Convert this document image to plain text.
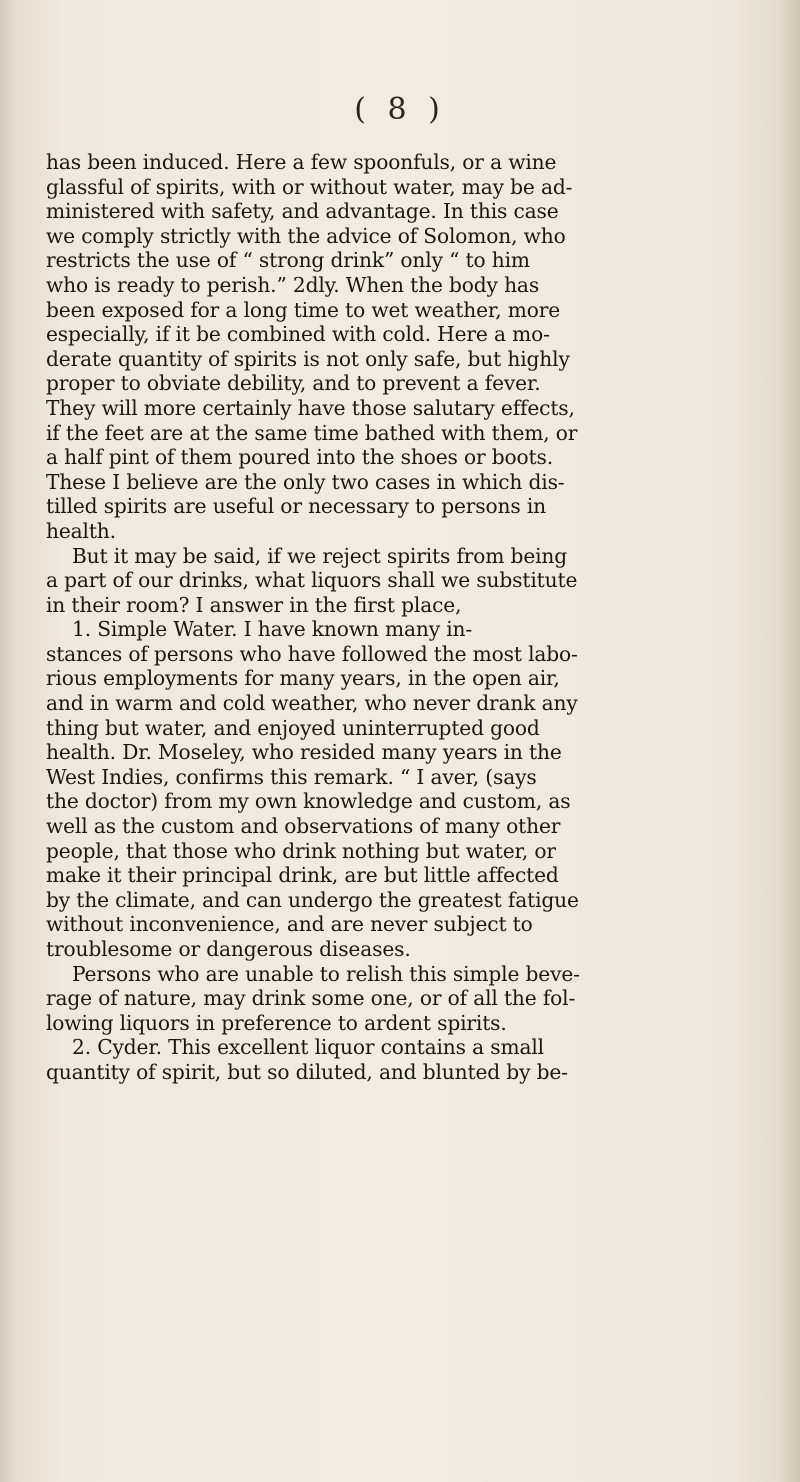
( 8 )
has been induced. Here a few spoonfuls, or a wine
glassful of spirits, with or without water, may be ad-
ministered with safety, and advantage. In this case
we comply strictly with the advice of Solomon, who
restricts the use of “ strong drink” only “ to him
who is ready to perish.” 2dly. When the body has
been exposed for a long time to wet weather, more
especially, if it be combined with cold. Here a mo-
derate quantity of spirits is not only safe, but highly
proper to obviate debility, and to prevent a fever.
They will more certainly have those salutary effects,
if the feet are at the same time bathed with them, or
a half pint of them poured into the shoes or boots.
These I believe are the only two cases in which dis-
tilled spirits are useful or necessary to persons in
health.
But it may be said, if we reject spirits from being
a part of our drinks, what liquors shall we substitute
in their room? I answer in the first place,
1. Simple Water. I have known many in-
stances of persons who have followed the most labo-
rious employments for many years, in the open air,
and in warm and cold weather, who never drank any
thing but water, and enjoyed uninterrupted good
health. Dr. Moseley, who resided many years in the
West Indies, confirms this remark. “ I aver, (says
the doctor) from my own knowledge and custom, as
well as the custom and observations of many other
people, that those who drink nothing but water, or
make it their principal drink, are but little affected
by the climate, and can undergo the greatest fatigue
without inconvenience, and are never subject to
troublesome or dangerous diseases.
Persons who are unable to relish this simple beve-
rage of nature, may drink some one, or of all the fol-
lowing liquors in preference to ardent spirits.
2. Cyder. This excellent liquor contains a small
quantity of spirit, but so diluted, and blunted by be-
